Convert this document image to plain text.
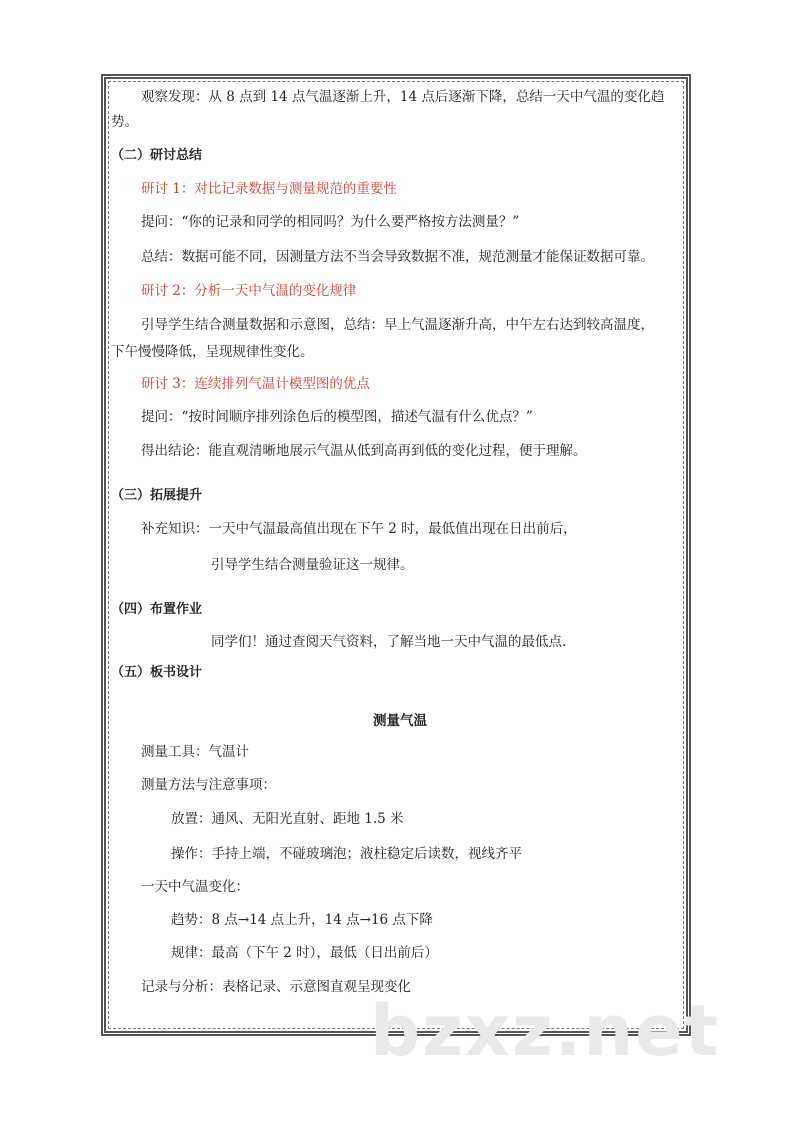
观察发现：从 8 点到 14 点气温逐渐上升，14 点后逐渐下降，总结一天中气温的变化趋
势。
（二）研讨总结
研讨 1：对比记录数据与测量规范的重要性
提问：“你的记录和同学的相同吗？为什么要严格按方法测量？”
总结：数据可能不同，因测量方法不当会导致数据不准，规范测量才能保证数据可靠。
研讨 2：分析一天中气温的变化规律
引导学生结合测量数据和示意图，总结：早上气温逐渐升高，中午左右达到较高温度，
下午慢慢降低，呈现规律性变化。
研讨 3：连续排列气温计模型图的优点
提问：“按时间顺序排列涂色后的模型图，描述气温有什么优点？”
得出结论：能直观清晰地展示气温从低到高再到低的变化过程，便于理解。
（三）拓展提升
补充知识：一天中气温最高值出现在下午 2 时，最低值出现在日出前后，
引导学生结合测量验证这一规律。
（四）布置作业
同学们！通过查阅天气资料，了解当地一天中气温的最低点.
（五）板书设计
测量气温
测量工具：气温计
测量方法与注意事项：
放置：通风、无阳光直射、距地 1.5 米
操作：手持上端，不碰玻璃泡；液柱稳定后读数，视线齐平
一天中气温变化：
趋势：8 点→14 点上升，14 点→16 点下降
规律：最高（下午 2 时），最低（日出前后）
记录与分析：表格记录、示意图直观呈现变化
bzxz.net
